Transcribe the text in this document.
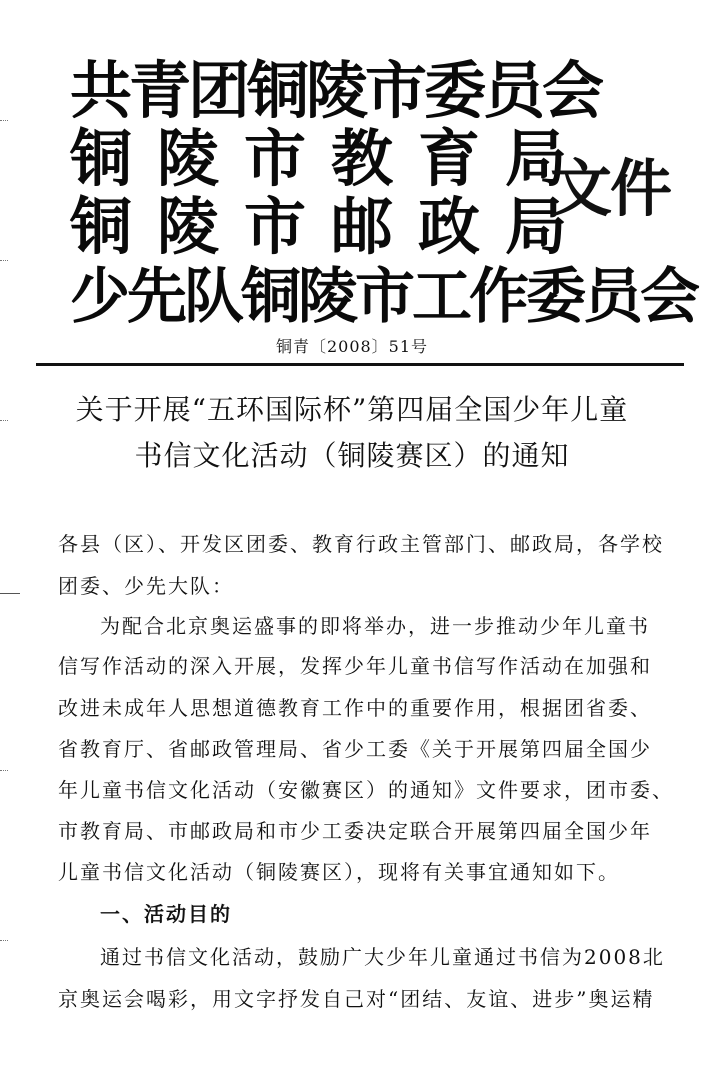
共青团铜陵市委员会
铜陵市教育局
铜陵市邮政局
少先队铜陵市工作委员会
文件
铜青〔2008〕51号
关于开展“五环国际杯”第四届全国少年儿童
书信文化活动（铜陵赛区）的通知
各县（区）、开发区团委、教育行政主管部门、邮政局，各学校
团委、少先大队：
为配合北京奥运盛事的即将举办，进一步推动少年儿童书
信写作活动的深入开展，发挥少年儿童书信写作活动在加强和
改进未成年人思想道德教育工作中的重要作用，根据团省委、
省教育厅、省邮政管理局、省少工委《关于开展第四届全国少
年儿童书信文化活动（安徽赛区）的通知》文件要求，团市委、
市教育局、市邮政局和市少工委决定联合开展第四届全国少年
儿童书信文化活动（铜陵赛区），现将有关事宜通知如下。
一、活动目的
通过书信文化活动，鼓励广大少年儿童通过书信为2008北
京奥运会喝彩，用文字抒发自己对“团结、友谊、进步”奥运精
